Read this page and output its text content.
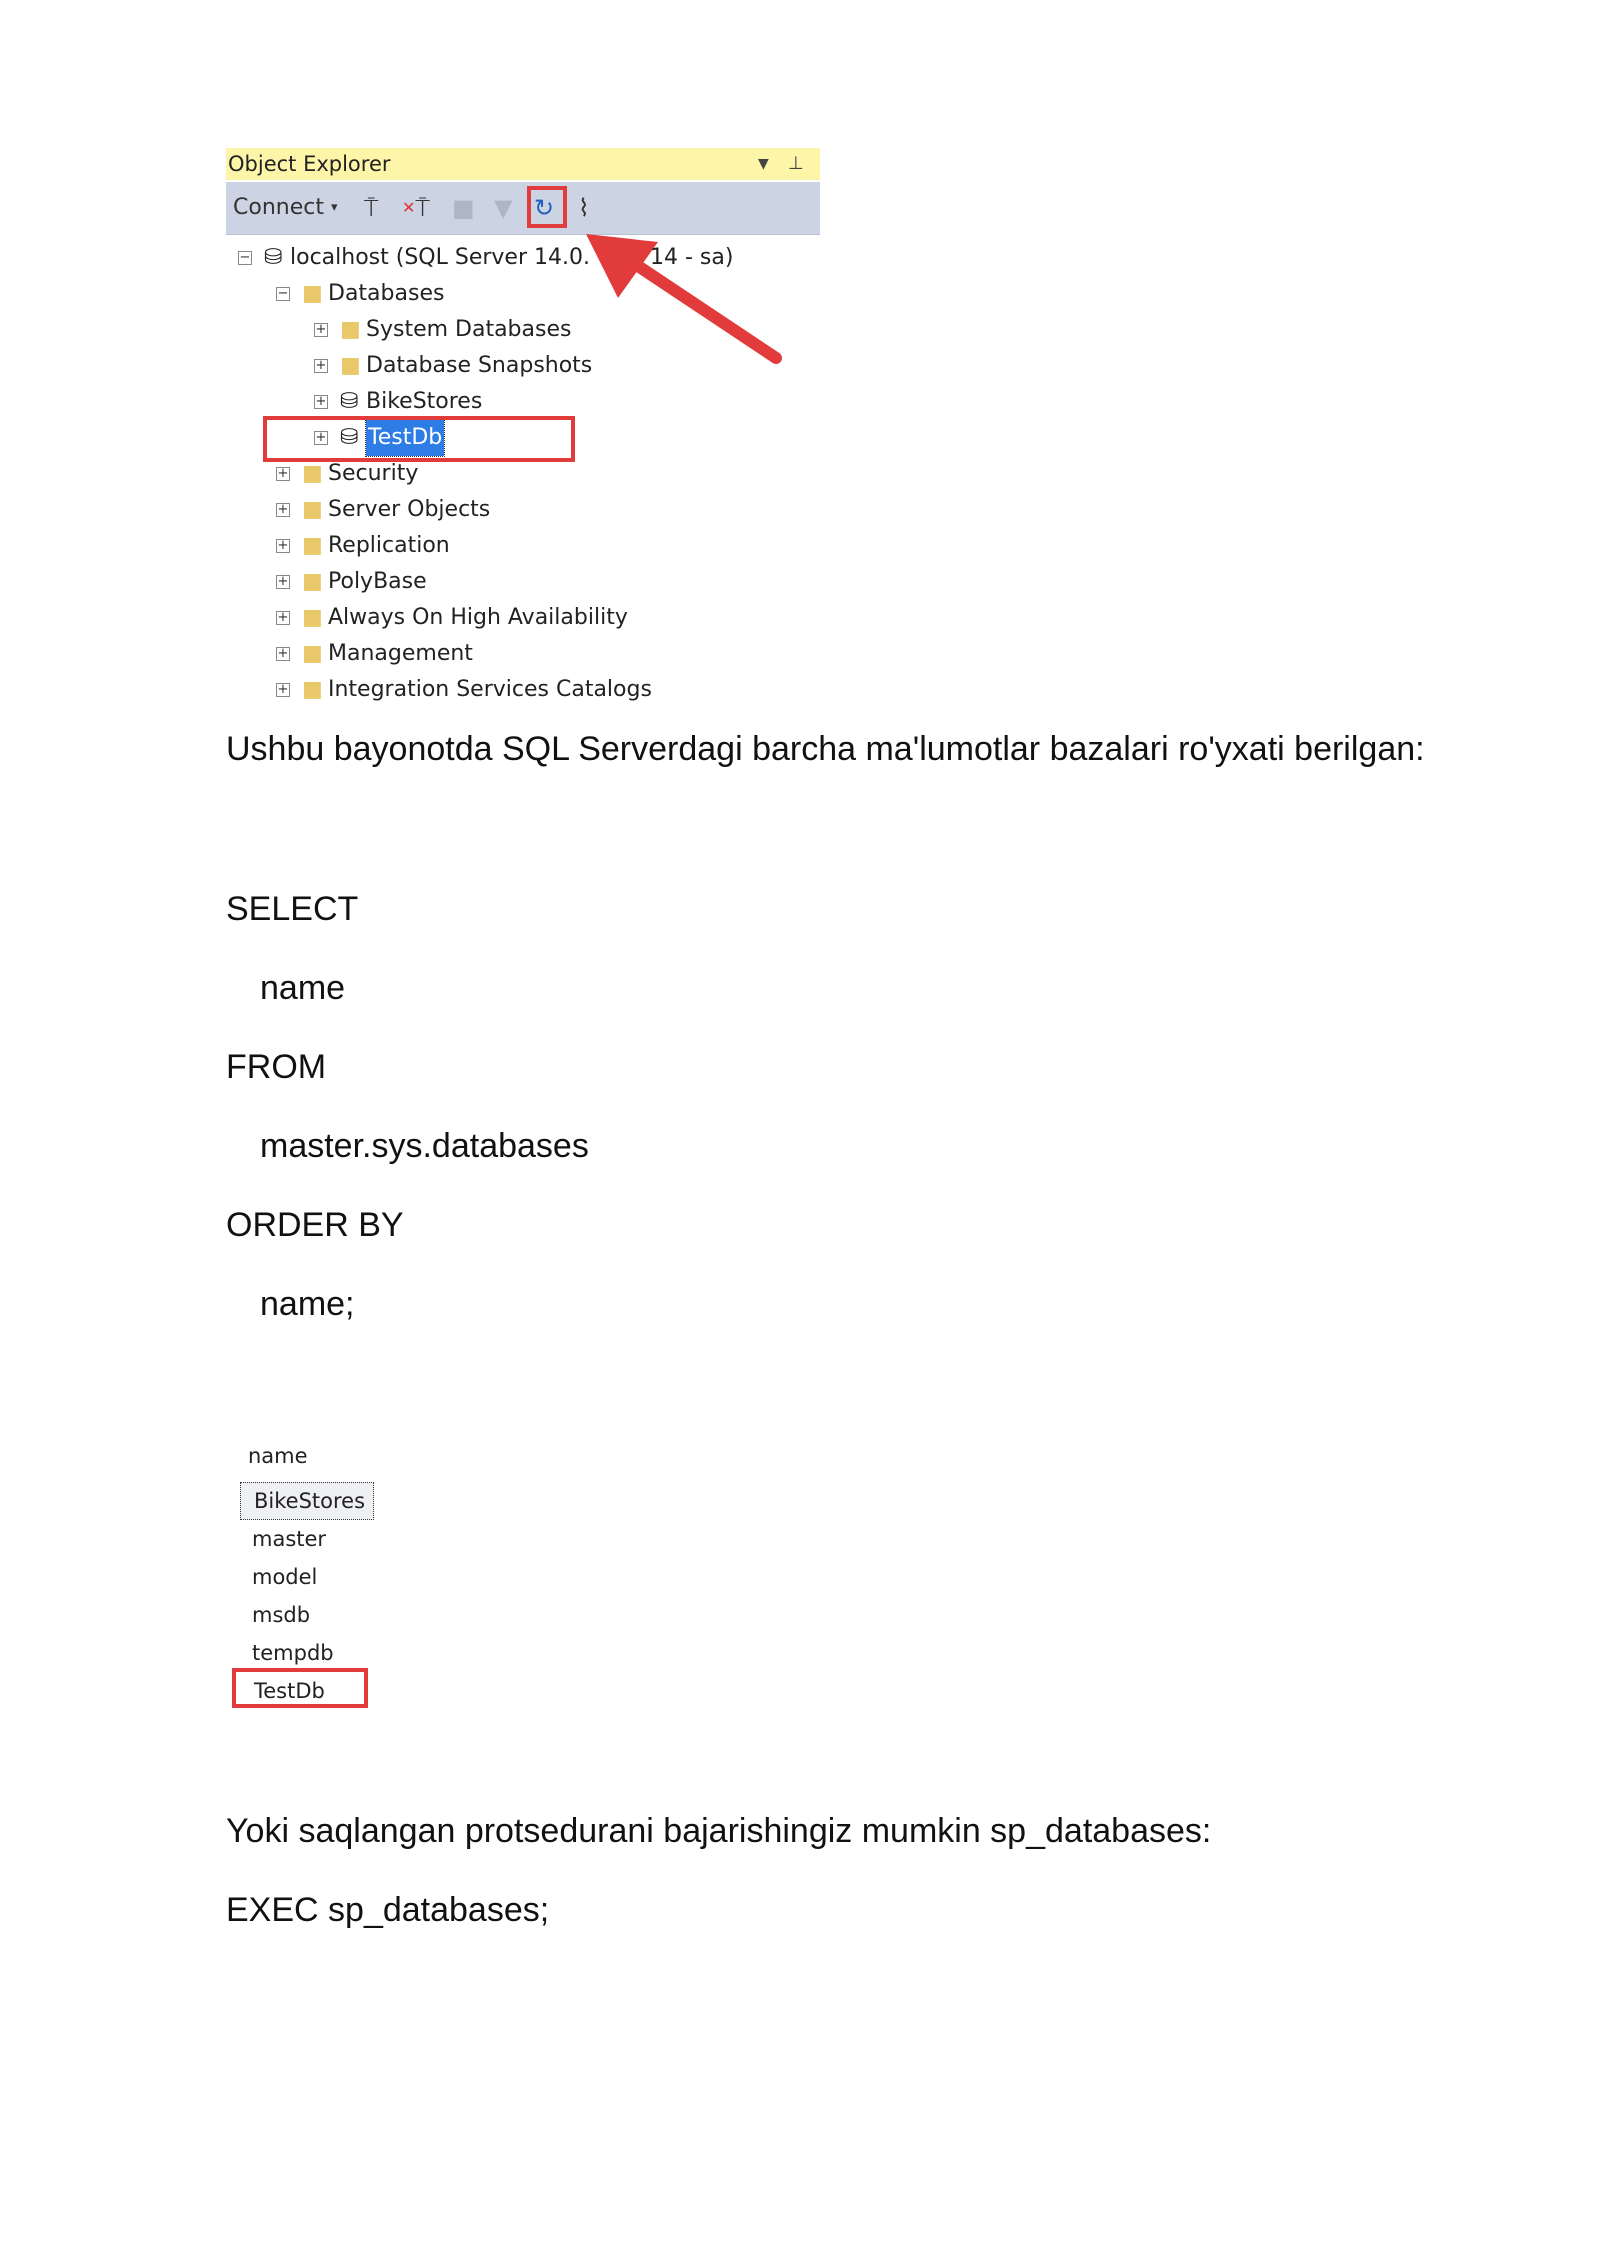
Object Explorer	▼ ⊥
Connect ▾ ⍑ ✕⍑ ■ ▼ ↻ ⌇
− ⛁ localhost (SQL Server 14.0.	14 - sa)
− ■ Databases
+ ■ System Databases
+ ■ Database Snapshots
+ ⛁ BikeStores
+ ⛁ TestDb
+ ■ Security
+ ■ Server Objects
+ ■ Replication
+ ■ PolyBase
+ ■ Always On High Availability
+ ■ Management
+ ■ Integration Services Catalogs
Ushbu bayonotda SQL Serverdagi barcha ma'lumotlar bazalari ro'yxati berilgan:
SELECT
name
FROM
master.sys.databases
ORDER BY
name;
name
BikeStores
master
model
msdb
tempdb
TestDb
Yoki saqlangan protsedurani bajarishingiz mumkin sp_databases:
EXEC sp_databases;
